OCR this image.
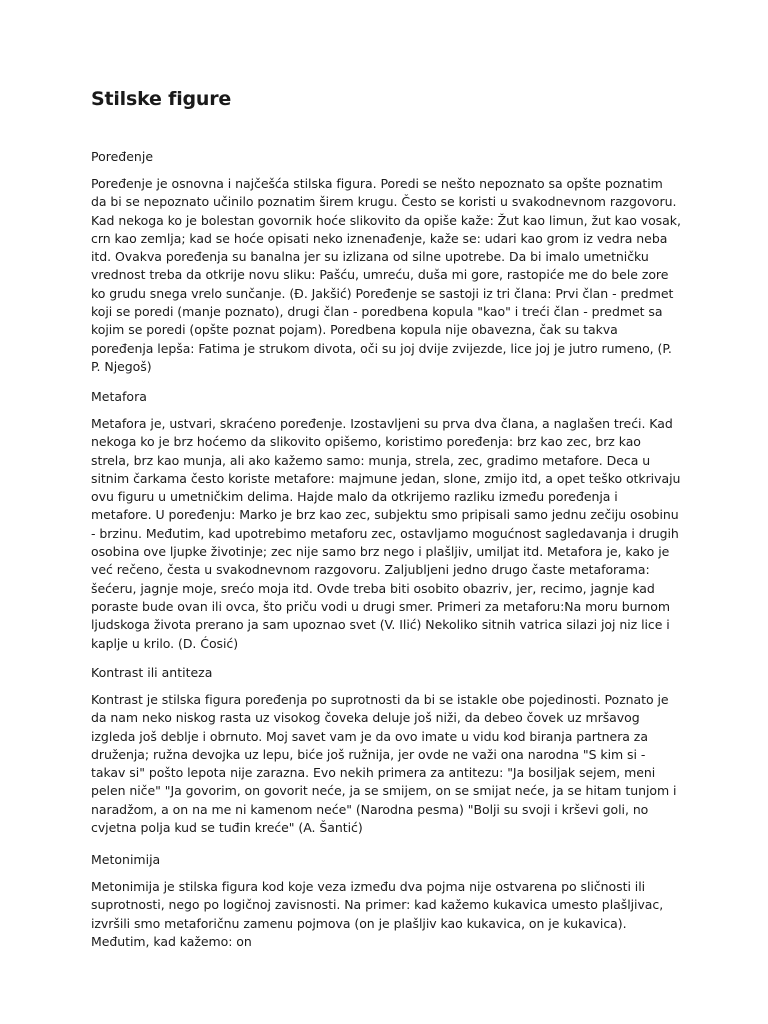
Stilske figure
Poređenje

Poređenje je osnovna i najčešća stilska figura. Poredi se nešto nepoznato sa opšte poznatim da bi se nepoznato učinilo poznatim širem krugu. Često se koristi u svakodnevnom razgovoru. Kad nekoga ko je bolestan govornik hoće slikovito da opiše kaže: Žut kao limun, žut kao vosak, crn kao zemlja; kad se hoće opisati neko iznenađenje, kaže se: udari kao grom iz vedra neba itd. Ovakva poređenja su banalna jer su izlizana od silne upotrebe. Da bi imalo umetničku vrednost treba da otkrije novu sliku: Pašću, umreću, duša mi gore, rastopiće me do bele zore ko grudu snega vrelo sunčanje. (Đ. Jakšić) Poređenje se sastoji iz tri člana: Prvi član - predmet koji se poredi (manje poznato), drugi član - poredbena kopula "kao" i treći član - predmet sa kojim se poredi (opšte poznat pojam). Poredbena kopula nije obavezna, čak su takva poređenja lepša: Fatima je strukom divota, oči su joj dvije zvijezde, lice joj je jutro rumeno, (P. P. Njegoš)

Metafora

Metafora je, ustvari, skraćeno poređenje. Izostavljeni su prva dva člana, a naglašen treći. Kad nekoga ko je brz hoćemo da slikovito opišemo, koristimo poređenja: brz kao zec, brz kao strela, brz kao munja, ali ako kažemo samo: munja, strela, zec, gradimo metafore. Deca u sitnim čarkama često koriste metafore: majmune jedan, slone, zmijo itd, a opet teško otkrivaju ovu figuru u umetničkim delima. Hajde malo da otkrijemo razliku između poređenja i metafore. U poređenju: Marko je brz kao zec, subjektu smo pripisali samo jednu zečiju osobinu - brzinu. Međutim, kad upotrebimo metaforu zec, ostavljamo mogućnost sagledavanja i drugih osobina ove ljupke životinje; zec nije samo brz nego i plašljiv, umiljat itd. Metafora je, kako je već rečeno, česta u svakodnevnom razgovoru. Zaljubljeni jedno drugo časte metaforama: šećeru, jagnje moje, srećo moja itd. Ovde treba biti osobito obazriv, jer, recimo, jagnje kad poraste bude ovan ili ovca, što priču vodi u drugi smer. Primeri za metaforu:Na moru burnom ljudskoga života prerano ja sam upoznao svet (V. Ilić) Nekoliko sitnih vatrica silazi joj niz lice i kaplje u krilo. (D. Ćosić)

Kontrast ili antiteza

Kontrast je stilska figura poređenja po suprotnosti da bi se istakle obe pojedinosti. Poznato je da nam neko niskog rasta uz visokog čoveka deluje još niži, da debeo čovek uz mršavog izgleda još deblje i obrnuto. Moj savet vam je da ovo imate u vidu kod biranja partnera za druženja; ružna devojka uz lepu, biće još ružnija, jer ovde ne važi ona narodna "S kim si - takav si" pošto lepota nije zarazna. Evo nekih primera za antitezu: "Ja bosiljak sejem, meni pelen niče" "Ja govorim, on govorit neće, ja se smijem, on se smijat neće, ja se hitam tunjom i naradžom, a on na me ni kamenom neće" (Narodna pesma) "Bolji su svoji i krševi goli, no cvjetna polja kud se tuđin kreće" (A. Šantić)

Metonimija

Metonimija je stilska figura kod koje veza između dva pojma nije ostvarena po sličnosti ili suprotnosti, nego po logičnoj zavisnosti. Na primer: kad kažemo kukavica umesto plašljivac, izvršili smo metaforičnu zamenu pojmova (on je plašljiv kao kukavica, on je kukavica). Međutim, kad kažemo: on
